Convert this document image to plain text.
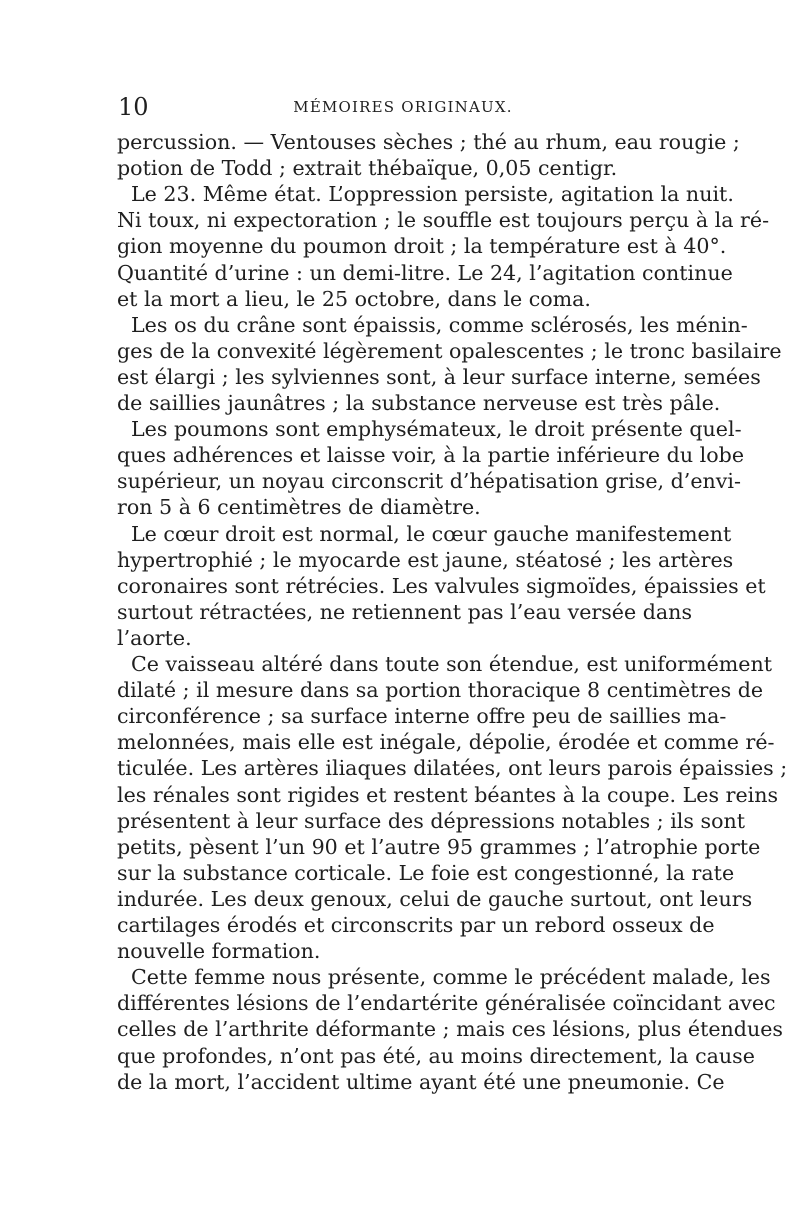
10	MÉMOIRES ORIGINAUX.
percussion. — Ventouses sèches ; thé au rhum, eau rougie ;
potion de Todd ; extrait thébaïque, 0,05 centigr.
Le 23. Même état. L’oppression persiste, agitation la nuit.
Ni toux, ni expectoration ; le souffle est toujours perçu à la ré-
gion moyenne du poumon droit ; la température est à 40°.
Quantité d’urine : un demi-litre. Le 24, l’agitation continue
et la mort a lieu, le 25 octobre, dans le coma.
Les os du crâne sont épaissis, comme sclérosés, les ménin-
ges de la convexité légèrement opalescentes ; le tronc basilaire
est élargi ; les sylviennes sont, à leur surface interne, semées
de saillies jaunâtres ; la substance nerveuse est très pâle.
Les poumons sont emphysémateux, le droit présente quel-
ques adhérences et laisse voir, à la partie inférieure du lobe
supérieur, un noyau circonscrit d’hépatisation grise, d’envi-
ron 5 à 6 centimètres de diamètre.
Le cœur droit est normal, le cœur gauche manifestement
hypertrophié ; le myocarde est jaune, stéatosé ; les artères
coronaires sont rétrécies. Les valvules sigmoïdes, épaissies et
surtout rétractées, ne retiennent pas l’eau versée dans
l’aorte.
Ce vaisseau altéré dans toute son étendue, est uniformément
dilaté ; il mesure dans sa portion thoracique 8 centimètres de
circonférence ; sa surface interne offre peu de saillies ma-
melonnées, mais elle est inégale, dépolie, érodée et comme ré-
ticulée. Les artères iliaques dilatées, ont leurs parois épaissies ;
les rénales sont rigides et restent béantes à la coupe. Les reins
présentent à leur surface des dépressions notables ; ils sont
petits, pèsent l’un 90 et l’autre 95 grammes ; l’atrophie porte
sur la substance corticale. Le foie est congestionné, la rate
indurée. Les deux genoux, celui de gauche surtout, ont leurs
cartilages érodés et circonscrits par un rebord osseux de
nouvelle formation.
Cette femme nous présente, comme le précédent malade, les
différentes lésions de l’endartérite généralisée coïncidant avec
celles de l’arthrite déformante ; mais ces lésions, plus étendues
que profondes, n’ont pas été, au moins directement, la cause
de la mort, l’accident ultime ayant été une pneumonie. Ce
